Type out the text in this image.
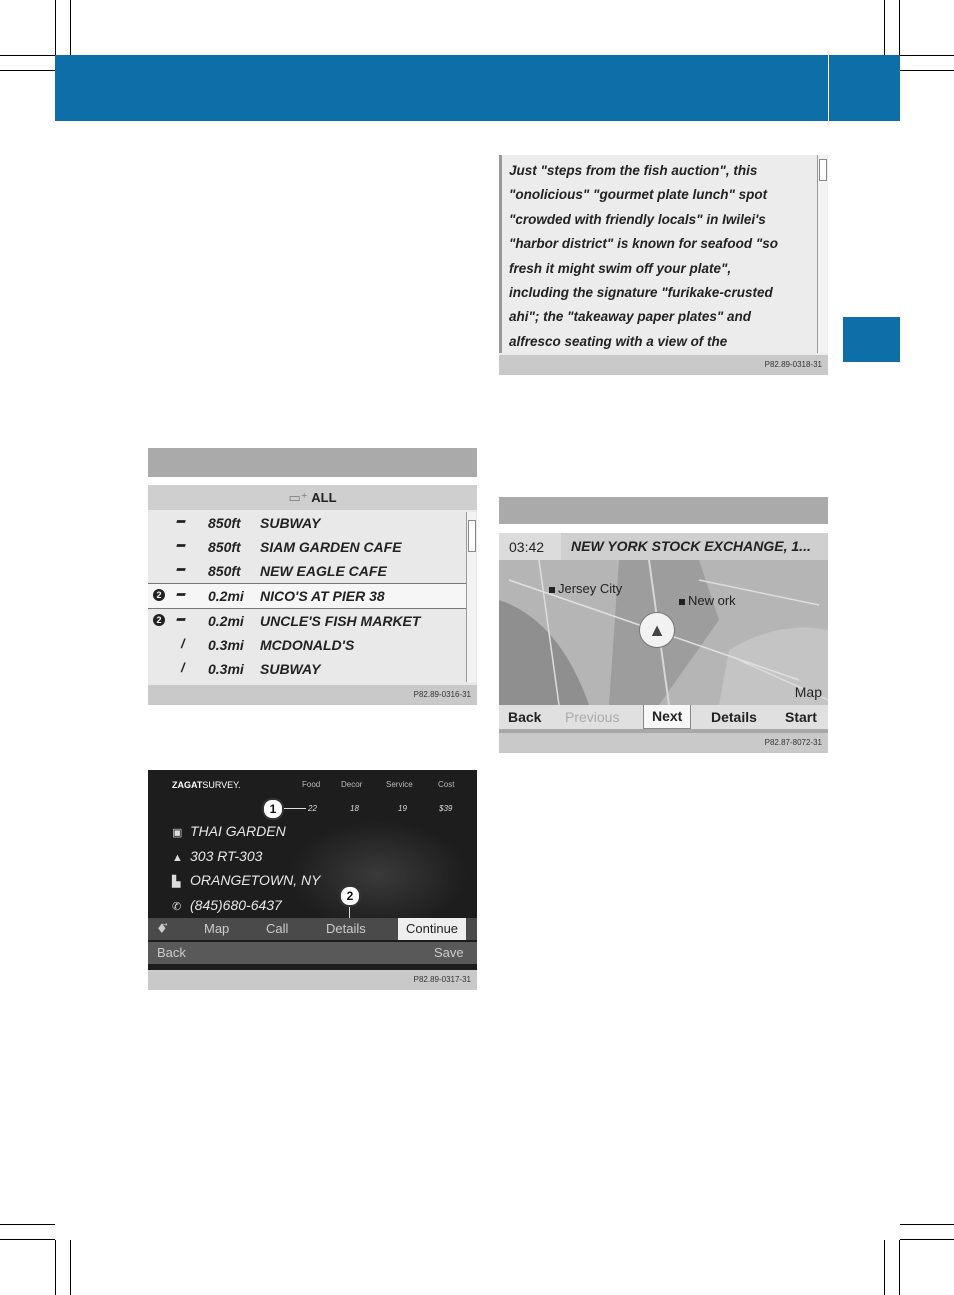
Just "steps from the fish auction", this
"onolicious" "gourmet plate lunch" spot
"crowded with friendly locals" in Iwilei's
"harbor district" is known for seafood "so
fresh it might swim off your plate",
including the signature "furikake-crusted
ahi"; the "takeaway paper plates" and
alfresco seating with a view of the
P82.89-0318-31
▭⁺ ALL
━ 850ft SUBWAY
━ 850ft SIAM GARDEN CAFE
━ 850ft NEW EAGLE CAFE
2 ━ 0.2mi NICO'S AT PIER 38
2 ━ 0.2mi UNCLE'S FISH MARKET
/ 0.3mi MCDONALD'S
/ 0.3mi SUBWAY
P82.89-0316-31
03:42	NEW YORK STOCK EXCHANGE, 1...
Jersey City
New ork
▲
Map
Back Previous	Next	Details Start
P82.87-8072-31
ZAGATSURVEY.	Food	Decor	Service	Cost
22	18	19	$39
1
▣ THAI GARDEN
▲ 303 RT-303
▙ ORANGETOWN, NY
✆ (845)680-6437
2
♦⃗	Map	Call	Details	Continue
Back	Save
P82.89-0317-31
